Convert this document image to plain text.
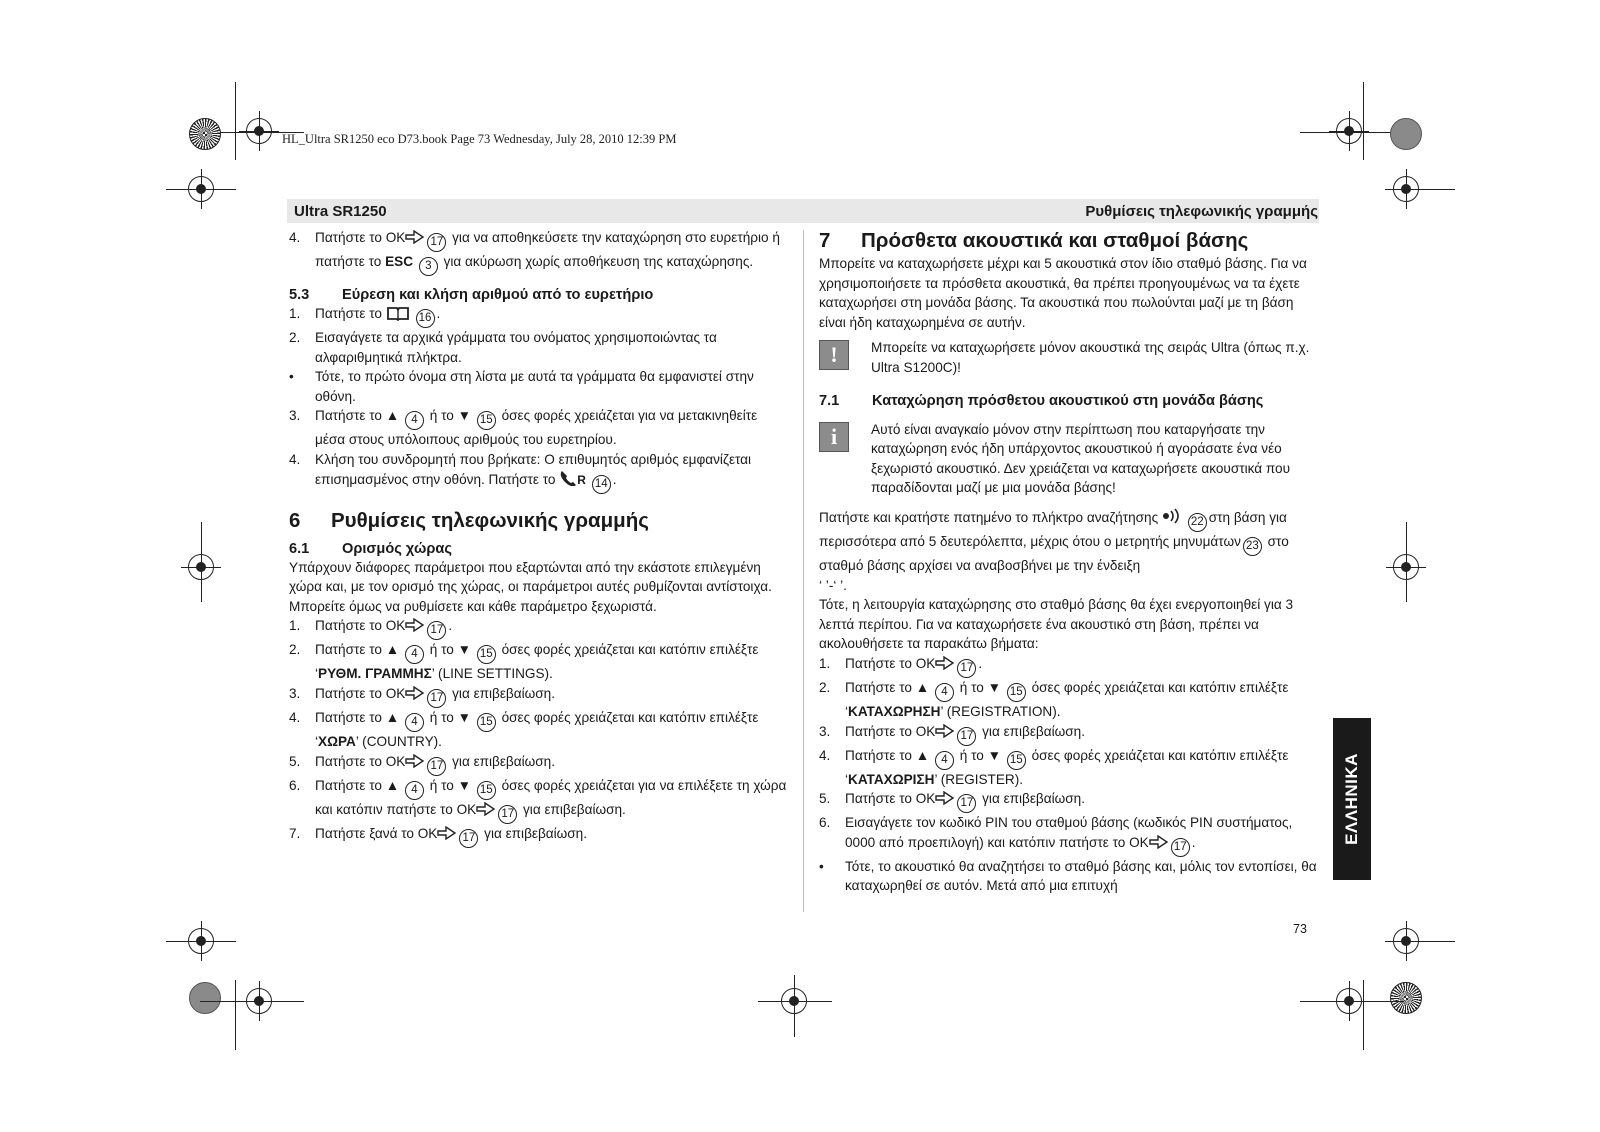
HL_Ultra SR1250 eco D73.book Page 73 Wednesday, July 28, 2010 12:39 PM
Ultra SR1250	Ρυθμίσεις τηλεφωνικής γραμμής
4.	Πατήστε το OK 17 για να αποθηκεύσετε την καταχώρηση στο ευρετήριο ή πατήστε το ESC 3 για ακύρωση χωρίς αποθήκευση της καταχώρησης.
5.3	Εύρεση και κλήση αριθμού από το ευρετήριο
1.	Πατήστε το	16 .
2.	Εισαγάγετε τα αρχικά γράμματα του ονόματος χρησιμοποιώντας τα αλφαριθμητικά πλήκτρα.
•	Τότε, το πρώτο όνομα στη λίστα με αυτά τα γράμματα θα εμφανιστεί στην οθόνη.
3.	Πατήστε το ▲ 4 ή το ▼ 15 όσες φορές χρειάζεται για να μετακινηθείτε μέσα στους υπόλοιπους αριθμούς του ευρετηρίου.
4.	Κλήση του συνδρομητή που βρήκατε: Ο επιθυμητός αριθμός εμφανίζεται επισημασμένος στην οθόνη. Πατήστε το R 14 .
6	Ρυθμίσεις τηλεφωνικής γραμμής
6.1	Ορισμός χώρας

Υπάρχουν διάφορες παράμετροι που εξαρτώνται από την εκάστοτε επιλεγμένη χώρα και, με τον ορισμό της χώρας, οι παράμετροι αυτές ρυθμίζονται αντίστοιχα. Μπορείτε όμως να ρυθμίσετε και κάθε παράμετρο ξεχωριστά.

1.	Πατήστε το OK 17 .
2.	Πατήστε το ▲ 4 ή το ▼ 15 όσες φορές χρειάζεται και κατόπιν επιλέξτε ‘ΡΥΘΜ. ΓΡΑΜΜΗΣ’ (LINE SETTINGS).
3.	Πατήστε το OK 17 για επιβεβαίωση.
4.	Πατήστε το ▲ 4 ή το ▼ 15 όσες φορές χρειάζεται και κατόπιν επιλέξτε ‘ΧΩΡΑ’ (COUNTRY).
5.	Πατήστε το OK 17 για επιβεβαίωση.
6.	Πατήστε το ▲ 4 ή το ▼ 15 όσες φορές χρειάζεται για να επιλέξετε τη χώρα και κατόπιν πατήστε το OK 17 για επιβεβαίωση.
7.	Πατήστε ξανά το OK 17 για επιβεβαίωση.
7	Πρόσθετα ακουστικά και σταθμοί βάσης

Μπορείτε να καταχωρήσετε μέχρι και 5 ακουστικά στον ίδιο σταθμό βάσης. Για να χρησιμοποιήσετε τα πρόσθετα ακουστικά, θα πρέπει προηγουμένως να τα έχετε καταχωρήσει στη μονάδα βάσης. Τα ακουστικά που πωλούνται μαζί με τη βάση είναι ήδη καταχωρημένα σε αυτήν.

!	Μπορείτε να καταχωρήσετε μόνον ακουστικά της σειράς Ultra (όπως π.χ. Ultra S1200C)!

7.1	Καταχώρηση πρόσθετου ακουστικού στη μονάδα βάσης
i	Αυτό είναι αναγκαίο μόνον στην περίπτωση που καταργήσατε την καταχώρηση ενός ήδη υπάρχοντος ακουστικού ή αγοράσατε ένα νέο ξεχωριστό ακουστικό. Δεν χρειάζεται να καταχωρήσετε ακουστικά που παραδίδονται μαζί με μια μονάδα βάσης!

Πατήστε και κρατήστε πατημένο το πλήκτρο αναζήτησης	22 στη βάση για περισσότερα από 5 δευτερόλεπτα, μέχρις ότου ο μετρητής μηνυμάτων 23 στο σταθμό βάσης αρχίσει να αναβοσβήνει με την ένδειξη
‘ ’-‘ ’.

Τότε, η λειτουργία καταχώρησης στο σταθμό βάσης θα έχει ενεργοποιηθεί για 3 λεπτά περίπου. Για να καταχωρήσετε ένα ακουστικό στη βάση, πρέπει να ακολουθήσετε τα παρακάτω βήματα:

1.	Πατήστε το OK 17 .
2.	Πατήστε το ▲ 4 ή το ▼ 15 όσες φορές χρειάζεται και κατόπιν επιλέξτε ‘ΚΑΤΑΧΩΡΗΣΗ’ (REGISTRATION).
3.	Πατήστε το OK 17 για επιβεβαίωση.
4.	Πατήστε το ▲ 4 ή το ▼ 15 όσες φορές χρειάζεται και κατόπιν επιλέξτε ‘ΚΑΤΑΧΩΡΙΣΗ’ (REGISTER).
5.	Πατήστε το OK 17 για επιβεβαίωση.
6.	Εισαγάγετε τον κωδικό PIN του σταθμού βάσης (κωδικός PIN συστήματος, 0000 από προεπιλογή) και κατόπιν πατήστε το OK 17 .
•	Τότε, το ακουστικό θα αναζητήσει το σταθμό βάσης και, μόλις τον εντοπίσει, θα καταχωρηθεί σε αυτόν. Μετά από μια επιτυχή
ΕΛΛΗΝΙΚΑ
73
